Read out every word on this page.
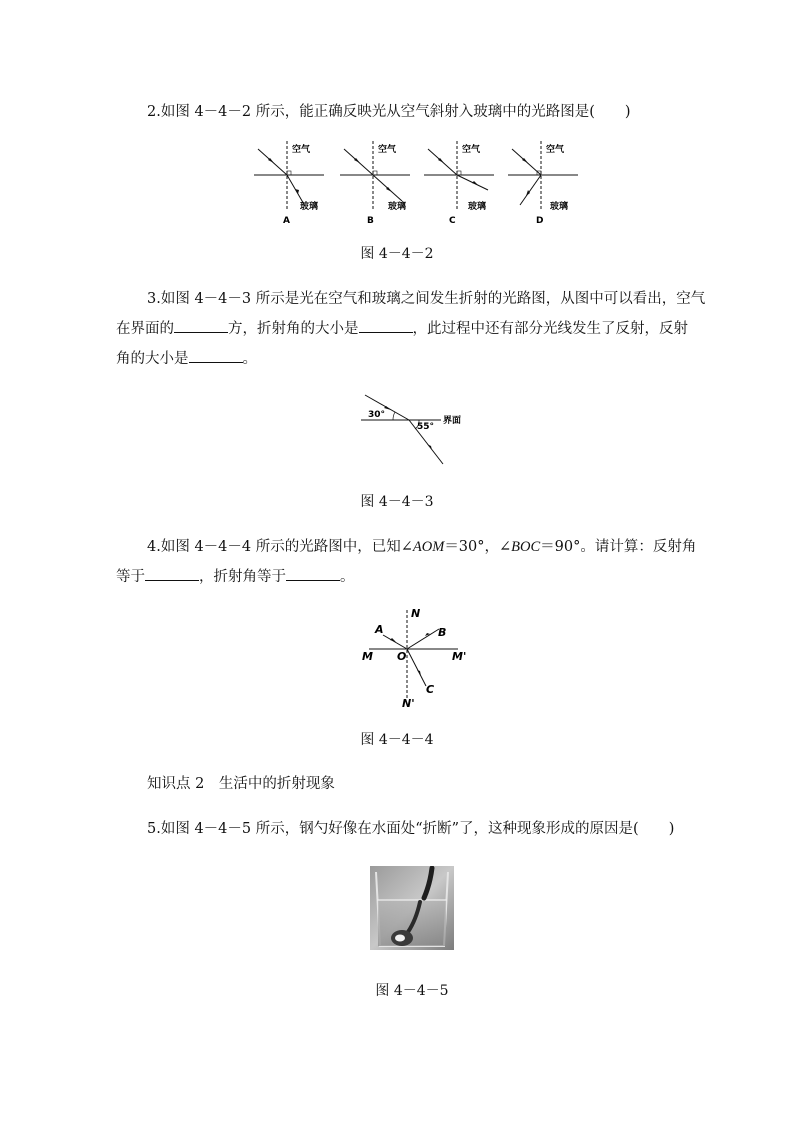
2.如图 4－4－2 所示，能正确反映光从空气斜射入玻璃中的光路图是( )
空气
玻璃
A
空气
玻璃
B
空气
玻璃
C
空气
玻璃
D
图 4－4－2
3.如图 4－4－3 所示是光在空气和玻璃之间发生折射的光路图，从图中可以看出，空气
在界面的	方，折射角的大小是	，此过程中还有部分光线发生了反射，反射
角的大小是	。
30°
55°
界面
图 4－4－3
4.如图 4－4－4 所示的光路图中，已知∠AOM＝30°，∠BOC＝90°。请计算：反射角
等于	，折射角等于	。
N
A	B
M O	M'
C
N'
图 4－4－4
知识点 2　生活中的折射现象
5.如图 4－4－5 所示，钢勺好像在水面处“折断”了，这种现象形成的原因是( )
图 4－4－5
